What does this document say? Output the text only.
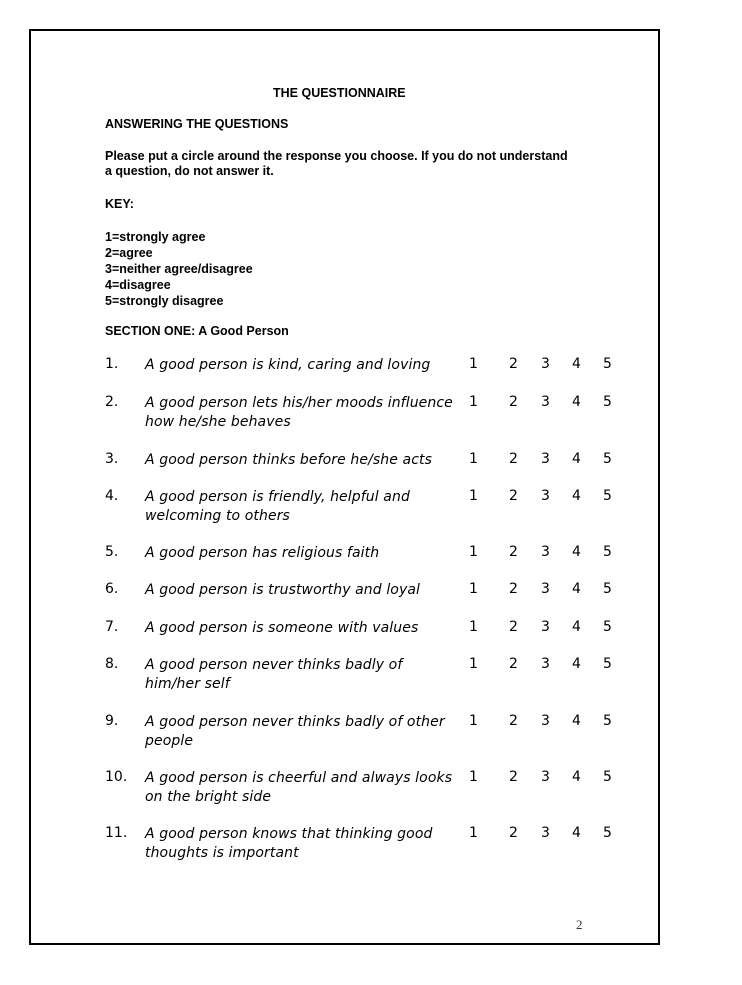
THE QUESTIONNAIRE
ANSWERING THE QUESTIONS
Please put a circle around the response you choose. If you do not understand a question, do not answer it.
KEY:
1=strongly agree
2=agree
3=neither agree/disagree
4=disagree
5=strongly disagree
SECTION ONE: A Good Person
1. A good person is kind, caring and loving	1 2 3 4 5
2. A good person lets his/her moods influence how he/she behaves
1 2 3 4 5
3. A good person thinks before he/she acts	1 2 3 4 5
4. A good person is friendly, helpful and welcoming to others
1 2 3 4 5
5. A good person has religious faith	1 2 3 4 5
6. A good person is trustworthy and loyal	1 2 3 4 5
7. A good person is someone with values	1 2 3 4 5
8. A good person never thinks badly of him/her self
1 2 3 4 5
9. A good person never thinks badly of other people
1 2 3 4 5
10. A good person is cheerful and always looks on the bright side
1 2 3 4 5
11. A good person knows that thinking good thoughts is important
1 2 3 4 5
2
